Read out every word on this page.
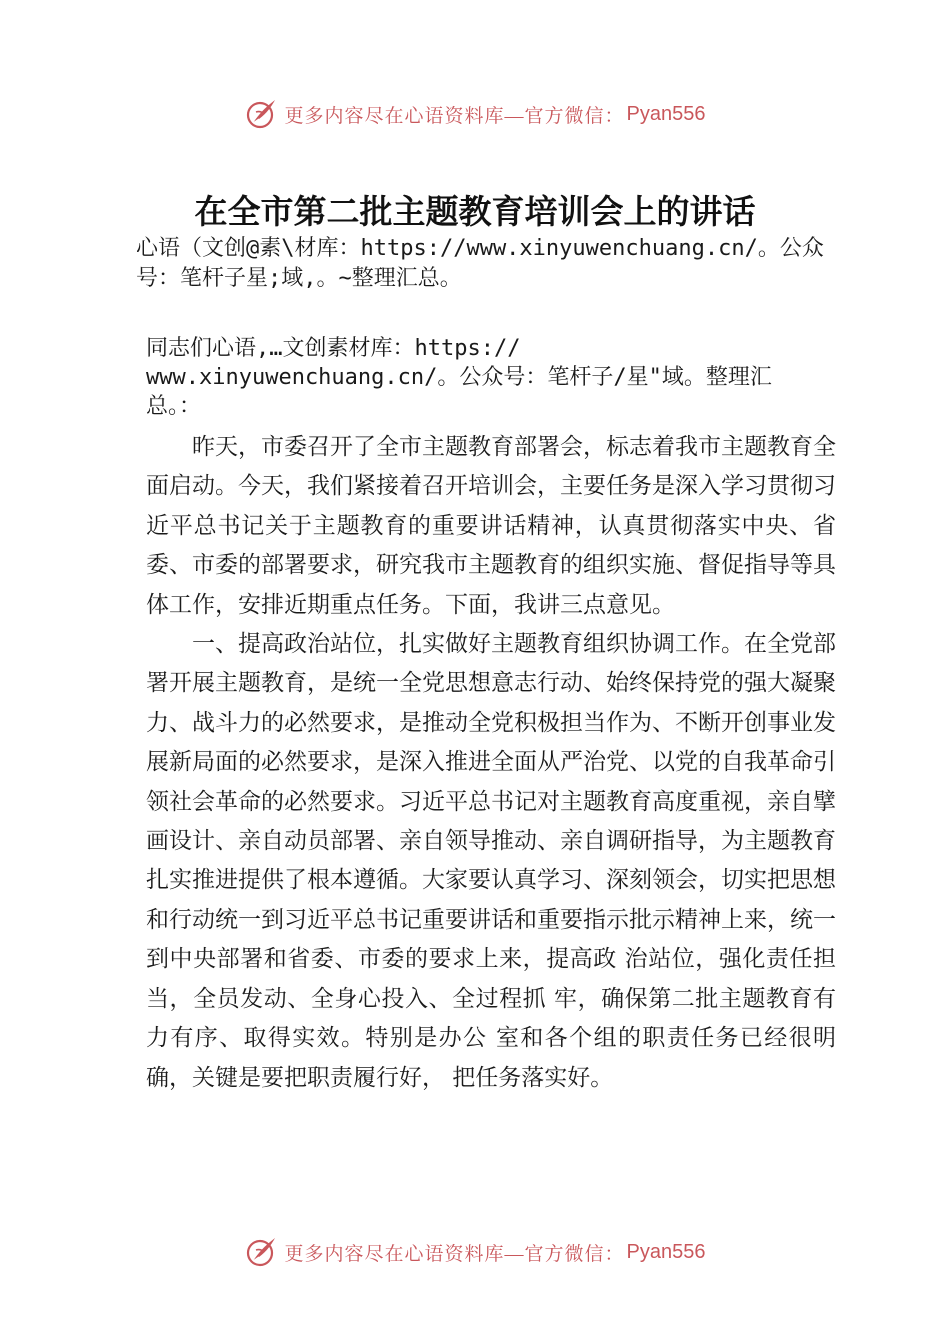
更多内容尽在心语资料库—官方微信： Pyan556
在全市第二批主题教育培训会上的讲话
心语（文创@素\材库：https://www.xinyuwenchuang.cn/。公众号：笔杆子星;域,。~整理汇总。
同志们心语,…文创素材库：https:// www.xinyuwenchuang.cn/。公众号：笔杆子/星"域。整理汇总。：

昨天，市委召开了全市主题教育部署会，标志着我市主题教育全面启动。今天，我们紧接着召开培训会，主要任务是深入学习贯彻习近平总书记关于主题教育的重要讲话精神，认真贯彻落实中央、省委、市委的部署要求，研究我市主题教育的组织实施、督促指导等具体工作，安排近期重点任务。下面，我讲三点意见。

一、提高政治站位，扎实做好主题教育组织协调工作。在全党部署开展主题教育，是统一全党思想意志行动、始终保持党的强大凝聚力、战斗力的必然要求，是推动全党积极担当作为、不断开创事业发展新局面的必然要求，是深入推进全面从严治党、以党的自我革命引领社会革命的必然要求。习近平总书记对主题教育高度重视，亲自擘画设计、亲自动员部署、亲自领导推动、亲自调研指导，为主题教育扎实推进提供了根本遵循。大家要认真学习、深刻领会，切实把思想和行动统一到习近平总书记重要讲话和重要指示批示精神上来，统一到中央部署和省委、市委的要求上来，提高政 治站位，强化责任担当，全员发动、全身心投入、全过程抓 牢，确保第二批主题教育有力有序、取得实效。特别是办公 室和各个组的职责任务已经很明确，关键是要把职责履行好， 把任务落实好。

更多内容尽在心语资料库—官方微信： Pyan556
